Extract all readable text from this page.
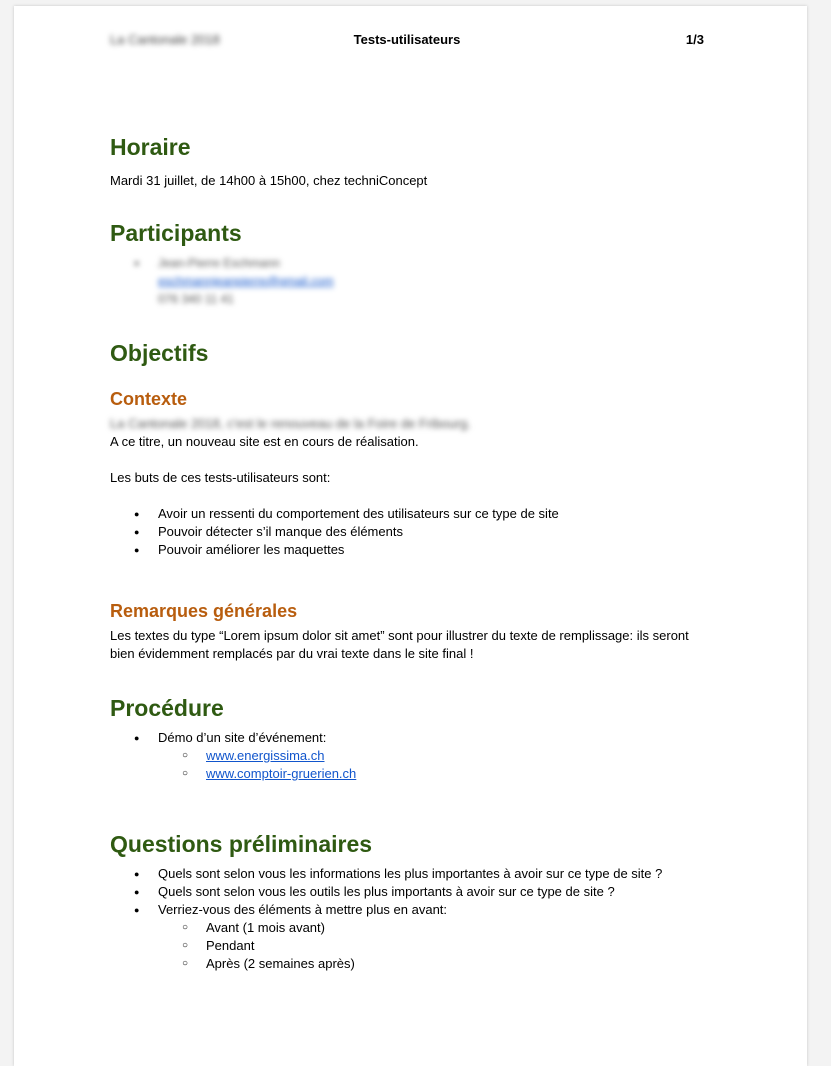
La Cantonale 2018	Tests-utilisateurs	1/3
Horaire

Mardi 31 juillet, de 14h00 à 15h00, chez techniConcept

Participants
● Jean-Pierre Eschmann
eschmannjeanpierre@gmail.com
076 340 11 41
Objectifs
Contexte

La Cantonale 2018, c'est le renouveau de la Foire de Fribourg.

A ce titre, un nouveau site est en cours de réalisation.

Les buts de ces tests-utilisateurs sont:

● Avoir un ressenti du comportement des utilisateurs sur ce type de site
● Pouvoir détecter s’il manque des éléments
● Pouvoir améliorer les maquettes
Remarques générales

Les textes du type “Lorem ipsum dolor sit amet” sont pour illustrer du texte de remplissage: ils seront bien évidemment remplacés par du vrai texte dans le site final !

Procédure
● Démo d’un site d’événement:
○ www.energissima.ch
○ www.comptoir-gruerien.ch
Questions préliminaires
● Quels sont selon vous les informations les plus importantes à avoir sur ce type de site ?
● Quels sont selon vous les outils les plus importants à avoir sur ce type de site ?
● Verriez-vous des éléments à mettre plus en avant:
○ Avant (1 mois avant)
○ Pendant
○ Après (2 semaines après)
